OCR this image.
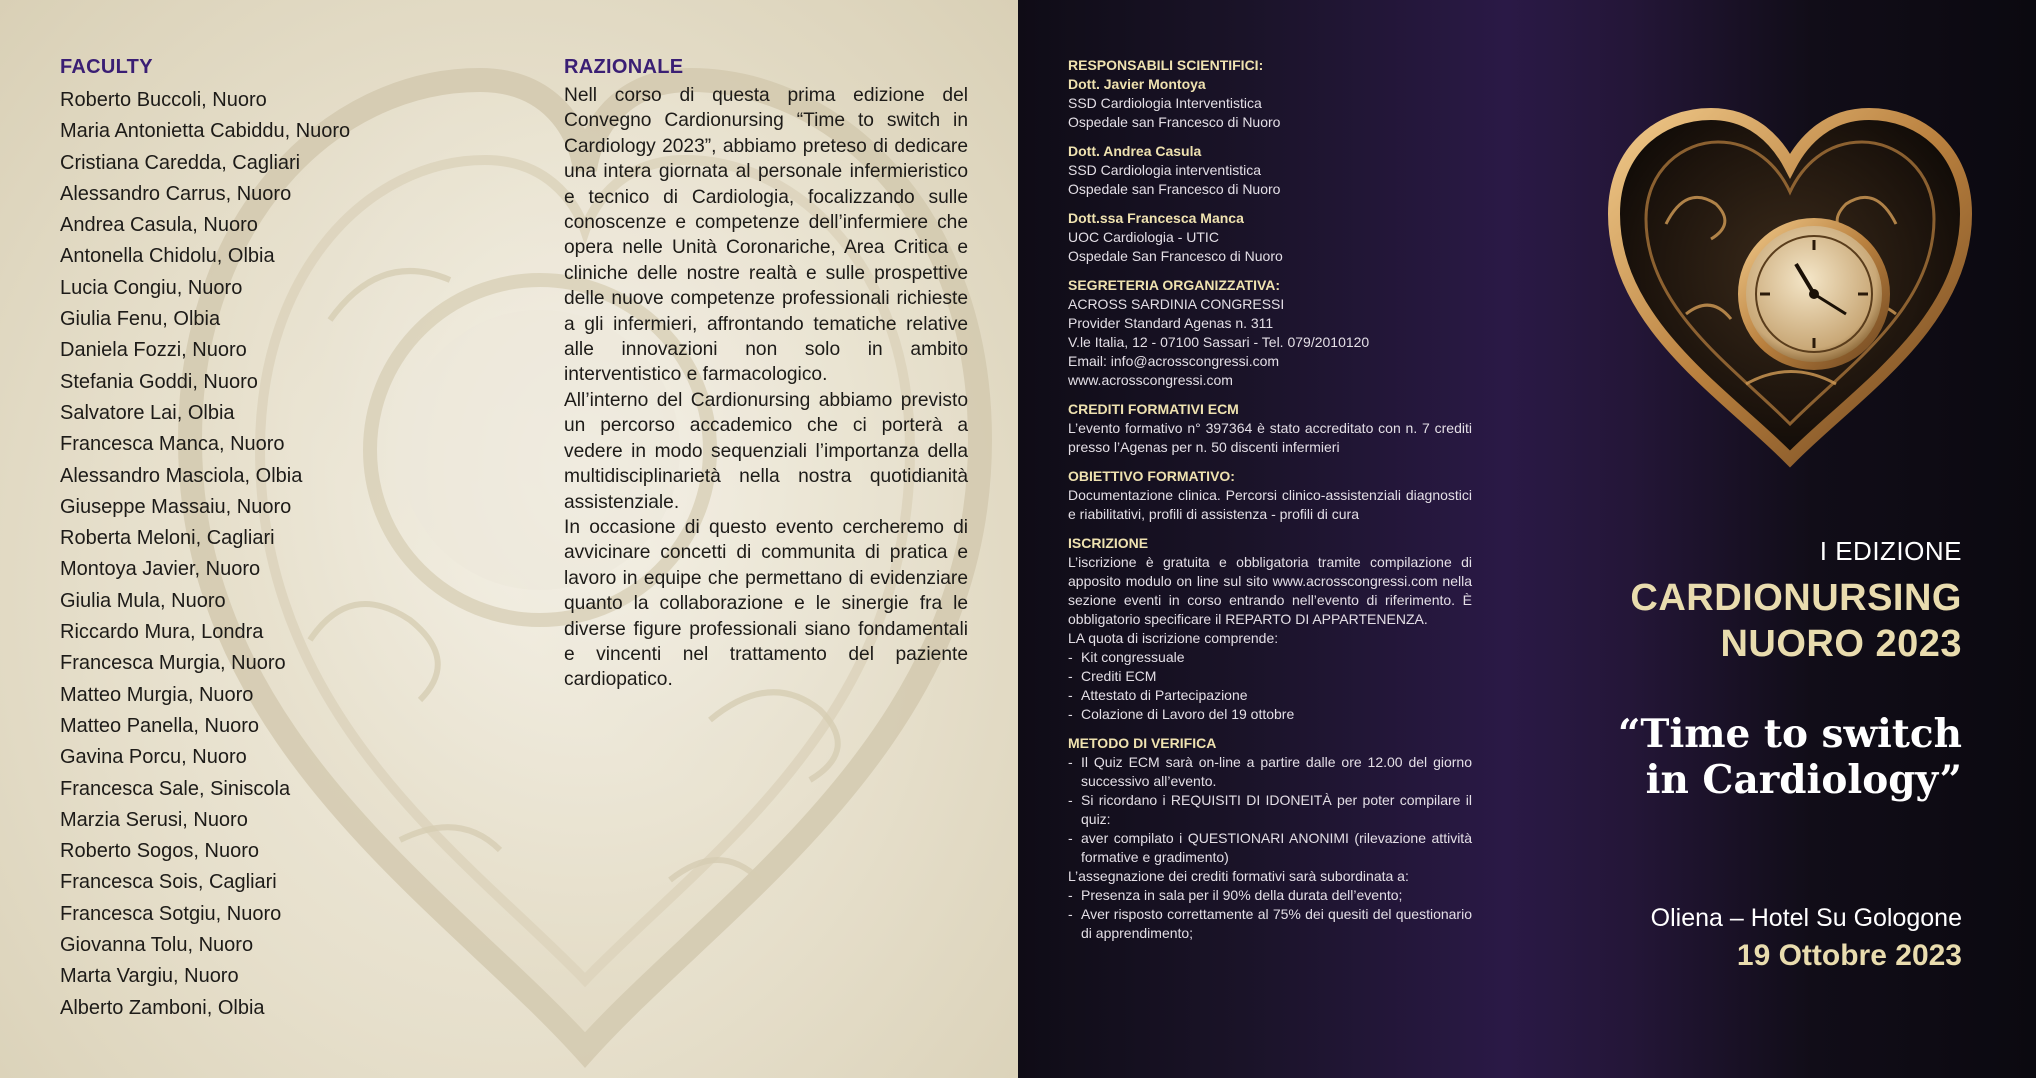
FACULTY
Roberto Buccoli, Nuoro
Maria Antonietta Cabiddu, Nuoro
Cristiana Caredda, Cagliari
Alessandro Carrus, Nuoro
Andrea Casula, Nuoro
Antonella Chidolu, Olbia
Lucia Congiu, Nuoro
Giulia Fenu, Olbia
Daniela Fozzi, Nuoro
Stefania Goddi, Nuoro
Salvatore Lai, Olbia
Francesca Manca, Nuoro
Alessandro Masciola, Olbia
Giuseppe Massaiu, Nuoro
Roberta Meloni, Cagliari
Montoya Javier, Nuoro
Giulia Mula, Nuoro
Riccardo Mura, Londra
Francesca Murgia, Nuoro
Matteo Murgia, Nuoro
Matteo Panella, Nuoro
Gavina Porcu, Nuoro
Francesca Sale, Siniscola
Marzia Serusi, Nuoro
Roberto Sogos, Nuoro
Francesca Sois, Cagliari
Francesca Sotgiu, Nuoro
Giovanna Tolu, Nuoro
Marta Vargiu, Nuoro
Alberto Zamboni, Olbia
RAZIONALE

Nell corso di questa prima edizione del Convegno Cardionursing “Time to switch in Cardiology 2023”, abbiamo preteso di dedicare una intera giornata al personale infermieristico e tecnico di Cardiologia, focalizzando sulle conoscenze e competenze dell’infermiere che opera nelle Unità Coronariche, Area Critica e cliniche delle nostre realtà e sulle prospettive delle nuove competenze professionali richieste a gli infermieri, affrontando tematiche relative alle innovazioni non solo in ambito interventistico e farmacologico.

All’interno del Cardionursing abbiamo previsto un percorso accademico che ci porterà a vedere in modo sequenziali l’importanza della multidisciplinarietà nella nostra quotidianità assistenziale.

In occasione di questo evento cercheremo di avvicinare concetti di communita di pratica e lavoro in equipe che permettano di evidenziare quanto la collaborazione e le sinergie fra le diverse figure professionali siano fondamentali e vincenti nel trattamento del paziente cardiopatico.

RESPONSABILI SCIENTIFICI:
Dott. Javier Montoya
SSD Cardiologia Interventistica
Ospedale san Francesco di Nuoro
Dott. Andrea Casula
SSD Cardiologia interventistica
Ospedale san Francesco di Nuoro
Dott.ssa Francesca Manca
UOC Cardiologia - UTIC
Ospedale San Francesco di Nuoro
SEGRETERIA ORGANIZZATIVA:
ACROSS SARDINIA CONGRESSI
Provider Standard Agenas n. 311
V.le Italia, 12 - 07100 Sassari - Tel. 079/2010120
Email: info@acrosscongressi.com
www.acrosscongressi.com
CREDITI FORMATIVI ECM
L’evento formativo n° 397364 è stato accreditato con n. 7 crediti presso l’Agenas per n. 50 discenti infermieri
OBIETTIVO FORMATIVO:
Documentazione clinica. Percorsi clinico-assistenziali diagnostici e riabilitativi, profili di assistenza - profili di cura
ISCRIZIONE
L’iscrizione è gratuita e obbligatoria tramite compilazione di apposito modulo on line sul sito www.acrosscongressi.com nella sezione eventi in corso entrando nell’evento di riferimento. È obbligatorio specificare il REPARTO DI APPARTENENZA.
LA quota di iscrizione comprende:
- Kit congressuale
- Crediti ECM
- Attestato di Partecipazione
- Colazione di Lavoro del 19 ottobre
METODO DI VERIFICA
- Il Quiz ECM sarà on-line a partire dalle ore 12.00 del giorno successivo all’evento.
- Si ricordano i REQUISITI DI IDONEITÀ per poter compilare il quiz:
- aver compilato i QUESTIONARI ANONIMI (rilevazione attività formative e gradimento)
L’assegnazione dei crediti formativi sarà subordinata a:
- Presenza in sala per il 90% della durata dell’evento;
- Aver risposto correttamente al 75% dei quesiti del questionario di apprendimento;
I EDIZIONE
CARDIONURSING
NUORO 2023
“Time to switch
in Cardiology”
Oliena – Hotel Su Gologone
19 Ottobre 2023
